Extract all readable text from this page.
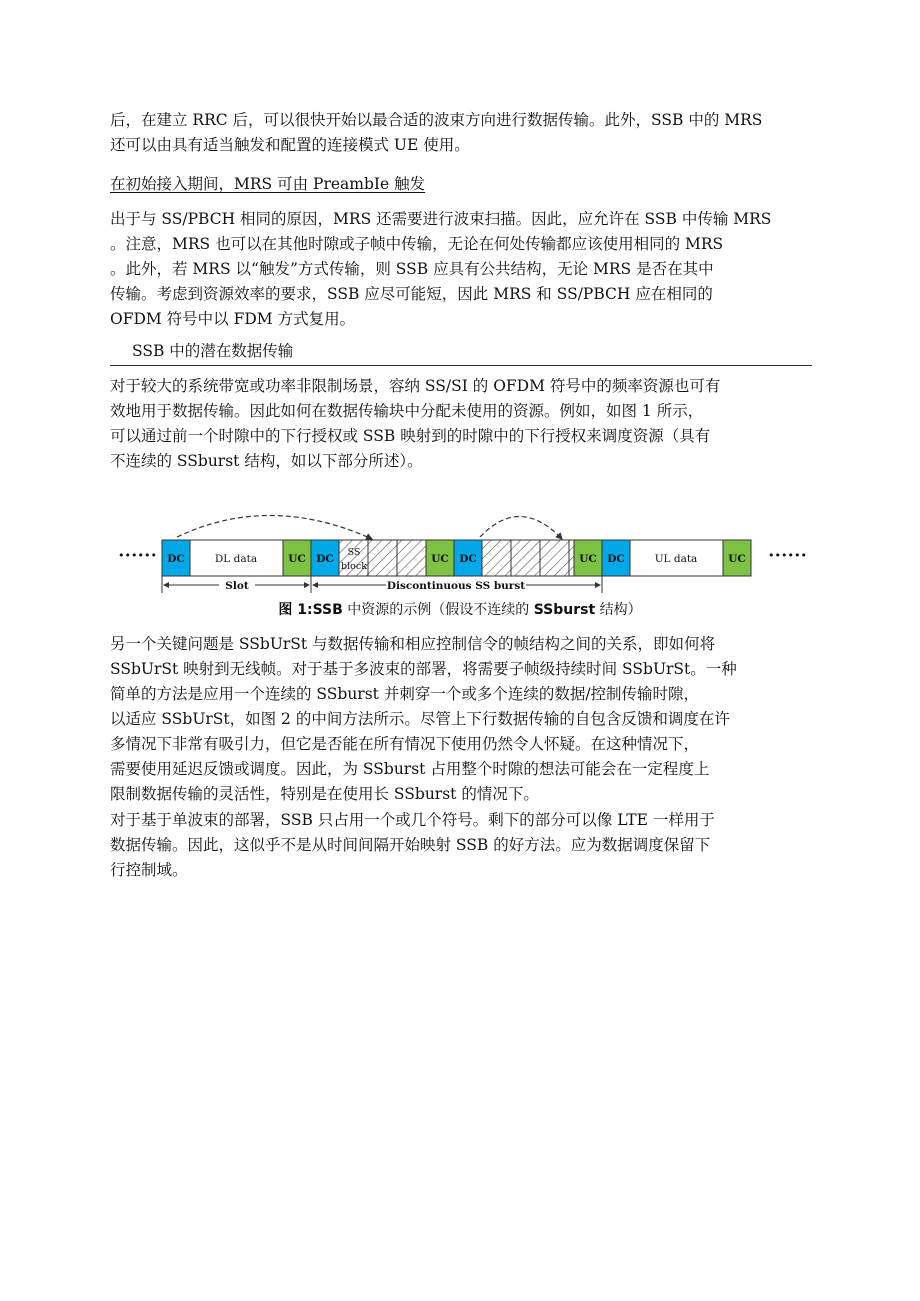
后，在建立 RRC 后，可以很快开始以最合适的波束方向进行数据传输。此外，SSB 中的 MRS
还可以由具有适当触发和配置的连接模式 UE 使用。

在初始接入期间，MRS 可由 PreambIe 触发

出于与 SS/PBCH 相同的原因，MRS 还需要进行波束扫描。因此，应允许在 SSB 中传输 MRS
。注意，MRS 也可以在其他时隙或子帧中传输，无论在何处传输都应该使用相同的 MRS
。此外，若 MRS 以“触发”方式传输，则 SSB 应具有公共结构，无论 MRS 是否在其中
传输。考虑到资源效率的要求，SSB 应尽可能短，因此 MRS 和 SS/PBCH 应在相同的
OFDM 符号中以 FDM 方式复用。

SSB 中的潜在数据传输

对于较大的系统带宽或功率非限制场景，容纳 SS/SI 的 OFDM 符号中的频率资源也可有
效地用于数据传输。因此如何在数据传输块中分配未使用的资源。例如，如图 1 所示，
可以通过前一个时隙中的下行授权或 SSB 映射到的时隙中的下行授权来调度资源（具有
不连续的 SSburst 结构，如以下部分所述）。
•••••• DC	DL data	UC DC
SS
block
UC DC	UC DC	UL data	UC ••••••
Slot	Discontinuous SS burst

图 1:SSB 中资源的示例（假设不连续的 SSburst 结构）

另一个关键问题是 SSbUrSt 与数据传输和相应控制信令的帧结构之间的关系，即如何将
SSbUrSt 映射到无线帧。对于基于多波束的部署，将需要子帧级持续时间 SSbUrSt。一种
简单的方法是应用一个连续的 SSburst 并刺穿一个或多个连续的数据/控制传输时隙，
以适应 SSbUrSt，如图 2 的中间方法所示。尽管上下行数据传输的自包含反馈和调度在许
多情况下非常有吸引力，但它是否能在所有情况下使用仍然令人怀疑。在这种情况下，
需要使用延迟反馈或调度。因此，为 SSburst 占用整个时隙的想法可能会在一定程度上
限制数据传输的灵活性，特别是在使用长 SSburst 的情况下。
对于基于单波束的部署，SSB 只占用一个或几个符号。剩下的部分可以像 LTE 一样用于
数据传输。因此，这似乎不是从时间间隔开始映射 SSB 的好方法。应为数据调度保留下
行控制域。
